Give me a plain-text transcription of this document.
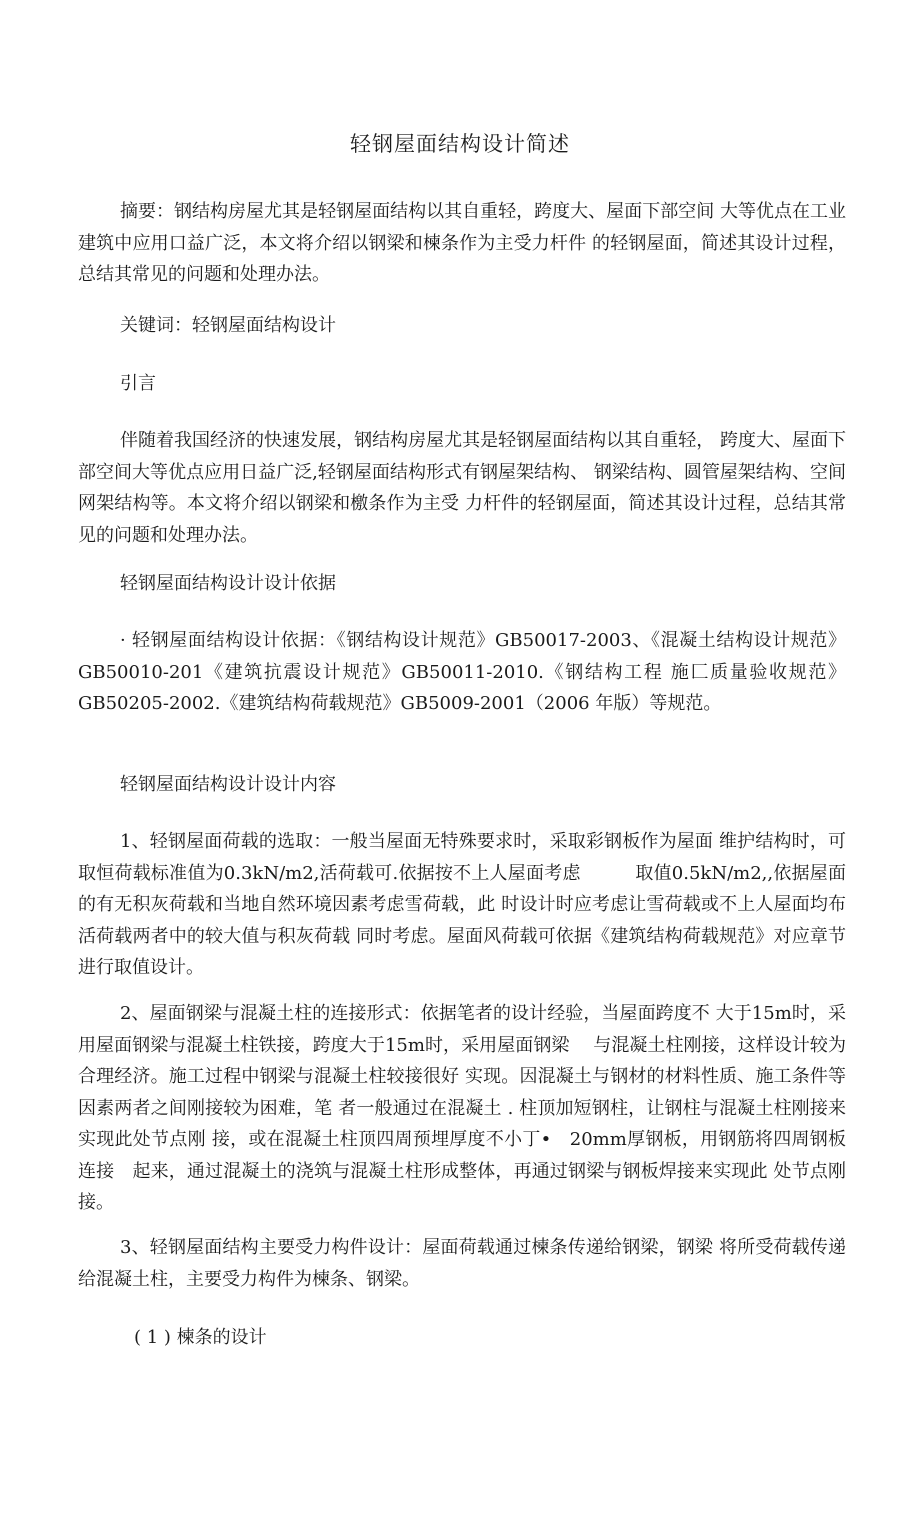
轻钢屋面结构设计简述

摘要：钢结构房屋尤其是轻钢屋面结构以其自重轻，跨度大、屋面下部空间 大等优点在工业建筑中应用口益广泛，本文将介绍以钢梁和楝条作为主受力杆件 的轻钢屋面，简述其设计过程，总结其常见的问题和处理办法。

关键词：轻钢屋面结构设计

引言

伴随着我国经济的快速发展，钢结构房屋尤其是轻钢屋面结构以其自重轻， 跨度大、屋面下部空间大等优点应用日益广泛,轻钢屋面结构形式有钢屋架结构、 钢梁结构、圆管屋架结构、空间网架结构等。本文将介绍以钢梁和檄条作为主受 力杆件的轻钢屋面，简述其设计过程，总结其常见的问题和处理办法。

轻钢屋面结构设计设计依据

· 轻钢屋面结构设计依据：《钢结构设计规范》GB50017-2003、《混凝土结构设计规范》GB50010-201《建筑抗震设计规范》GB50011-2010.《钢结构工程 施匚质量验收规范》GB50205-2002.《建筑结构荷载规范》GB5009-2001（2006 年版）等规范。

轻钢屋面结构设计设计内容

1、轻钢屋面荷载的选取：一般当屋面无特殊要求时，采取彩钢板作为屋面 维护结构时，可取恒荷载标准值为0.3kN/m2,活荷载可.依据按不上人屋面考虑　　　取值0.5kN/m2,,依据屋面的有无积灰荷载和当地自然环境因素考虑雪荷载，此 时设计时应考虑让雪荷载或不上人屋面均布活荷载两者中的较大值与积灰荷载 同时考虑。屋面风荷载可依据《建筑结构荷载规范》对应章节进行取值设计。

2、屋面钢梁与混凝土柱的连接形式：依据笔者的设计经验，当屋面跨度不 大于15m时，采用屋面钢梁与混凝土柱铁接，跨度大于15m时，采用屋面钢梁　 与混凝土柱刚接，这样设计较为合理经济。施工过程中钢梁与混凝土柱较接很好 实现。因混凝土与钢材的材料性质、施工条件等因素两者之间刚接较为困难，笔 者一般通过在混凝土 . 柱顶加短钢柱，让钢柱与混凝土柱刚接来实现此处节点刚 接，或在混凝土柱顶四周预埋厚度不小丁•　20mm厚钢板，用钢筋将四周钢板连接　起来，通过混凝土的浇筑与混凝土柱形成整体，再通过钢梁与钢板焊接来实现此 处节点刚接。

3、轻钢屋面结构主要受力构件设计：屋面荷载通过楝条传递给钢梁，钢梁 将所受荷载传递给混凝土柱，主要受力构件为楝条、钢梁。

( 1 ) 楝条的设计
